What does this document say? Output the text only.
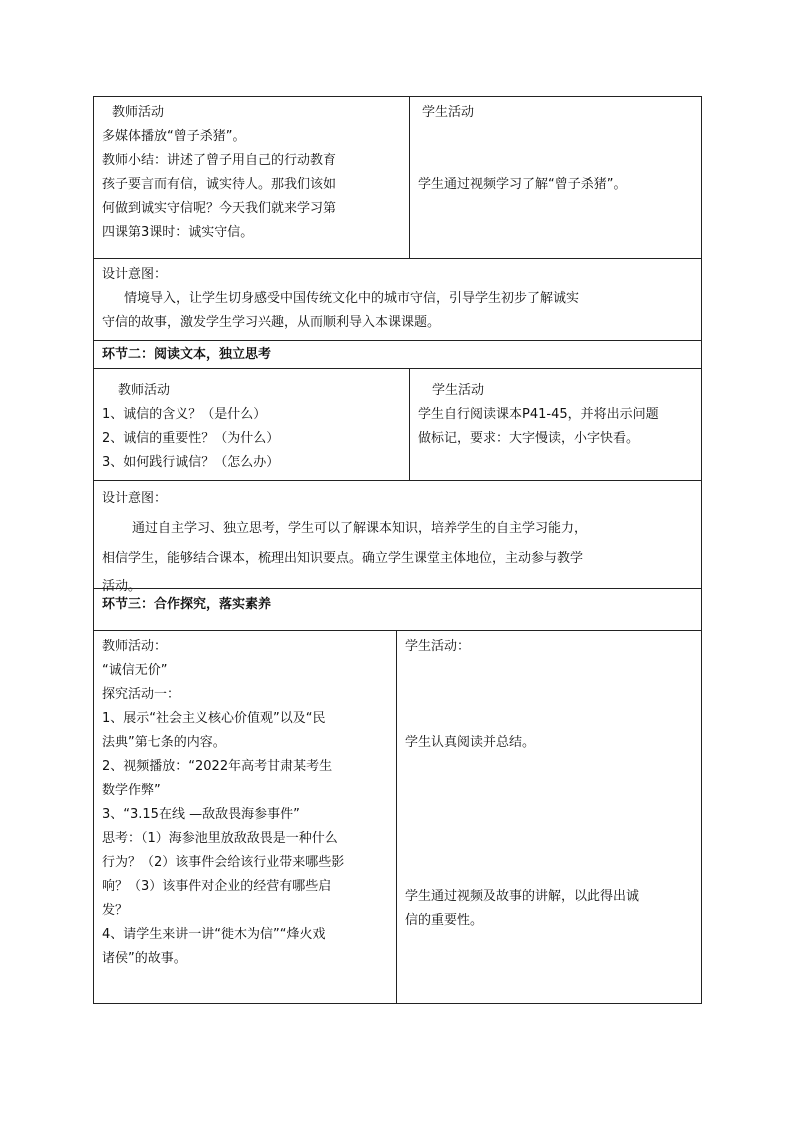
教师活动
多媒体播放“曾子杀猪”。
教师小结：讲述了曾子用自己的行动教育
孩子要言而有信，诚实待人。那我们该如
何做到诚实守信呢？今天我们就来学习第
四课第3课时：诚实守信。
学生活动
学生通过视频学习了解“曾子杀猪”。
设计意图：
情境导入，让学生切身感受中国传统文化中的城市守信，引导学生初步了解诚实
守信的故事，激发学生学习兴趣，从而顺利导入本课课题。
环节二：阅读文本，独立思考
教师活动
1、诚信的含义？（是什么）
2、诚信的重要性？（为什么）
3、如何践行诚信？（怎么办）
学生活动
学生自行阅读课本P41-45，并将出示问题
做标记，要求：大字慢读，小字快看。
设计意图：
通过自主学习、独立思考，学生可以了解课本知识，培养学生的自主学习能力，
相信学生，能够结合课本，梳理出知识要点。确立学生课堂主体地位，主动参与教学
活动。
环节三：合作探究，落实素养
教师活动：
“诚信无价”
探究活动一：
1、展示“社会主义核心价值观”以及“民
法典”第七条的内容。
2、视频播放：“2022年高考甘肃某考生
数学作弊”
3、“3.15在线 —敌敌畏海参事件”
思考：（1）海参池里放敌敌畏是一种什么
行为？（2）该事件会给该行业带来哪些影
响？（3）该事件对企业的经营有哪些启
发？
4、请学生来讲一讲“徙木为信”“烽火戏
诸侯”的故事。
学生活动：
学生认真阅读并总结。
学生通过视频及故事的讲解，以此得出诚
信的重要性。
